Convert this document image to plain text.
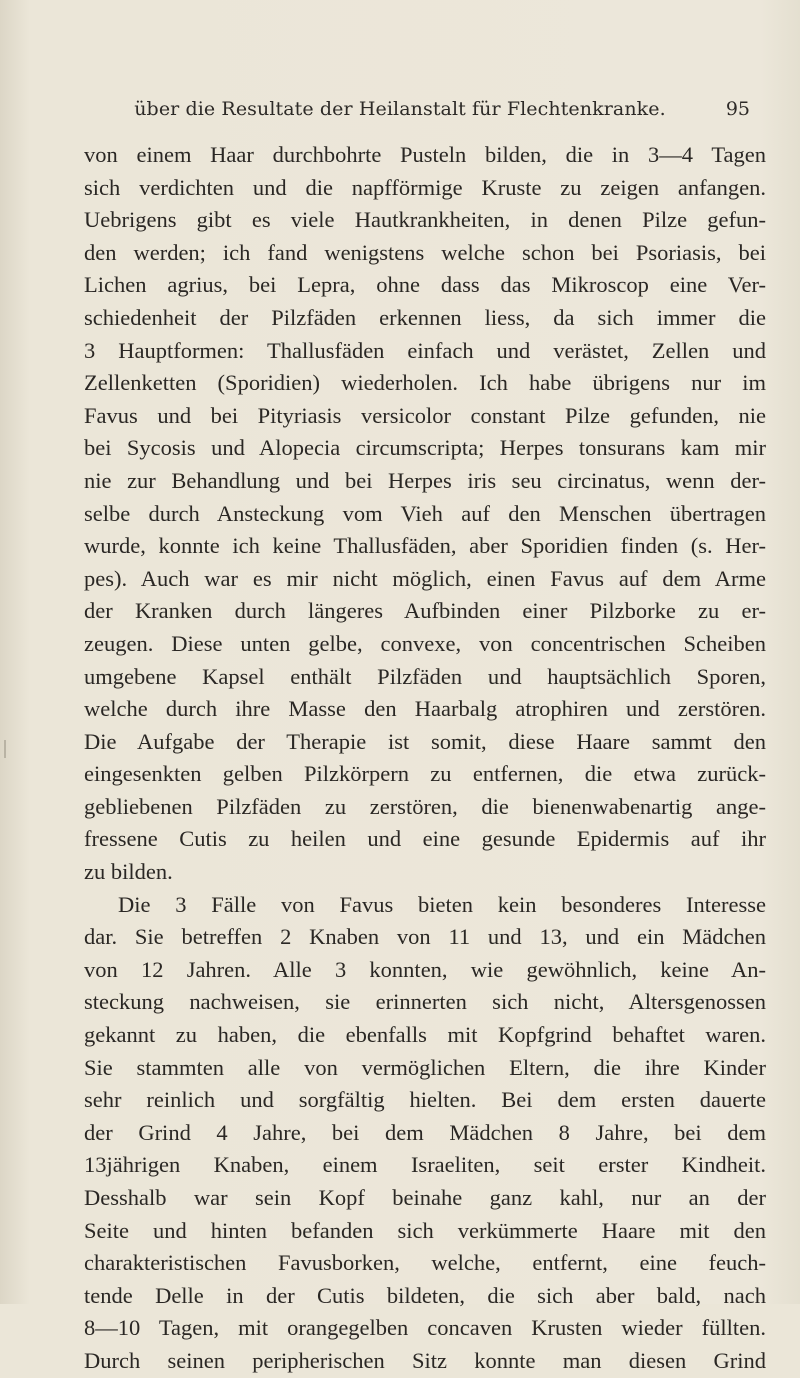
über die Resultate der Heilanstalt für Flechtenkranke.	95
von einem Haar durchbohrte Pusteln bilden, die in 3—4 Tagen
sich verdichten und die napfförmige Kruste zu zeigen anfangen.
Uebrigens gibt es viele Hautkrankheiten, in denen Pilze gefun-
den werden; ich fand wenigstens welche schon bei Psoriasis, bei
Lichen agrius, bei Lepra, ohne dass das Mikroscop eine Ver-
schiedenheit der Pilzfäden erkennen liess, da sich immer die
3 Hauptformen: Thallusfäden einfach und verästet, Zellen und
Zellenketten (Sporidien) wiederholen. Ich habe übrigens nur im
Favus und bei Pityriasis versicolor constant Pilze gefunden, nie
bei Sycosis und Alopecia circumscripta; Herpes tonsurans kam mir
nie zur Behandlung und bei Herpes iris seu circinatus, wenn der-
selbe durch Ansteckung vom Vieh auf den Menschen übertragen
wurde, konnte ich keine Thallusfäden, aber Sporidien finden (s. Her-
pes). Auch war es mir nicht möglich, einen Favus auf dem Arme
der Kranken durch längeres Aufbinden einer Pilzborke zu er-
zeugen. Diese unten gelbe, convexe, von concentrischen Scheiben
umgebene Kapsel enthält Pilzfäden und hauptsächlich Sporen,
welche durch ihre Masse den Haarbalg atrophiren und zerstören.
Die Aufgabe der Therapie ist somit, diese Haare sammt den
eingesenkten gelben Pilzkörpern zu entfernen, die etwa zurück-
gebliebenen Pilzfäden zu zerstören, die bienenwabenartig ange-
fressene Cutis zu heilen und eine gesunde Epidermis auf ihr
zu bilden.
Die 3 Fälle von Favus bieten kein besonderes Interesse
dar. Sie betreffen 2 Knaben von 11 und 13, und ein Mädchen
von 12 Jahren. Alle 3 konnten, wie gewöhnlich, keine An-
steckung nachweisen, sie erinnerten sich nicht, Altersgenossen
gekannt zu haben, die ebenfalls mit Kopfgrind behaftet waren.
Sie stammten alle von vermöglichen Eltern, die ihre Kinder
sehr reinlich und sorgfältig hielten. Bei dem ersten dauerte
der Grind 4 Jahre, bei dem Mädchen 8 Jahre, bei dem
13jährigen Knaben, einem Israeliten, seit erster Kindheit.
Desshalb war sein Kopf beinahe ganz kahl, nur an der
Seite und hinten befanden sich verkümmerte Haare mit den
charakteristischen Favusborken, welche, entfernt, eine feuch-
tende Delle in der Cutis bildeten, die sich aber bald, nach
8—10 Tagen, mit orangegelben concaven Krusten wieder füllten.
Durch seinen peripherischen Sitz konnte man diesen Grind
